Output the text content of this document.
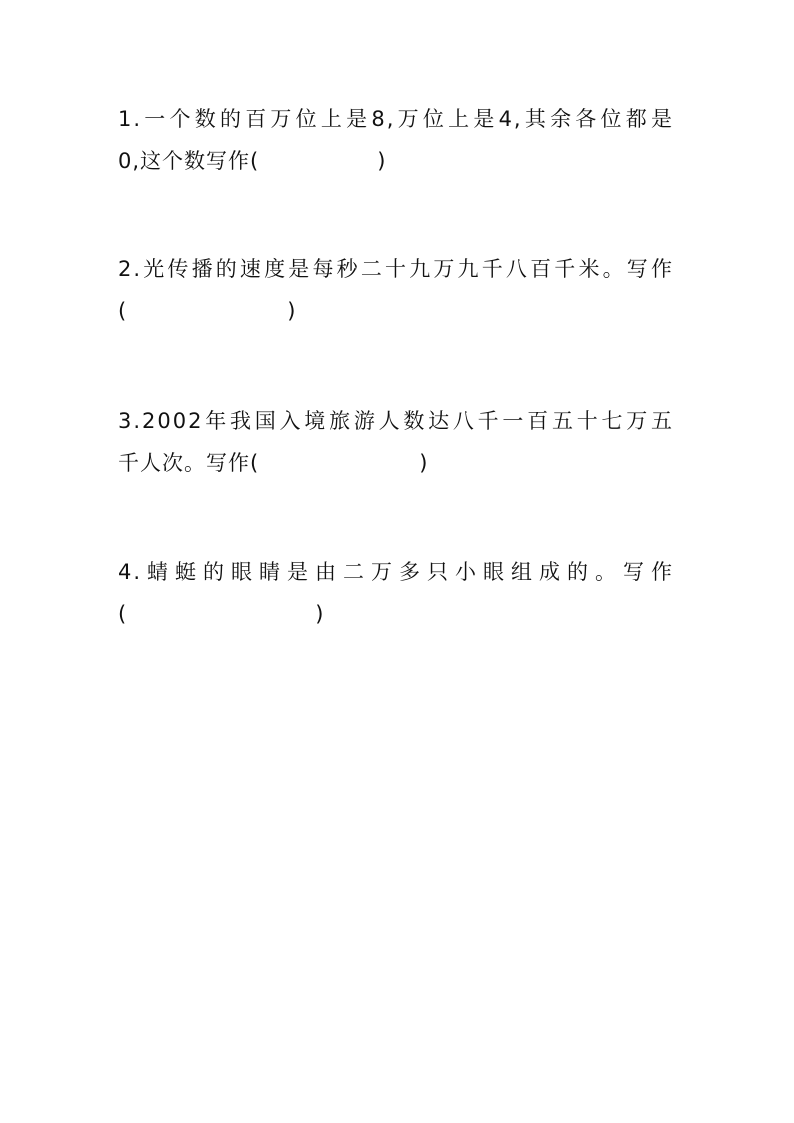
1.一个数的百万位上是8,万位上是4,其余各位都是
0,这个数写作(	)
2.光传播的速度是每秒二十九万九千八百千米。写作
(	)
3.2002年我国入境旅游人数达八千一百五十七万五
千人次。写作(	)
4.蜻蜓的眼睛是由二万多只小眼组成的。写作
(	)
